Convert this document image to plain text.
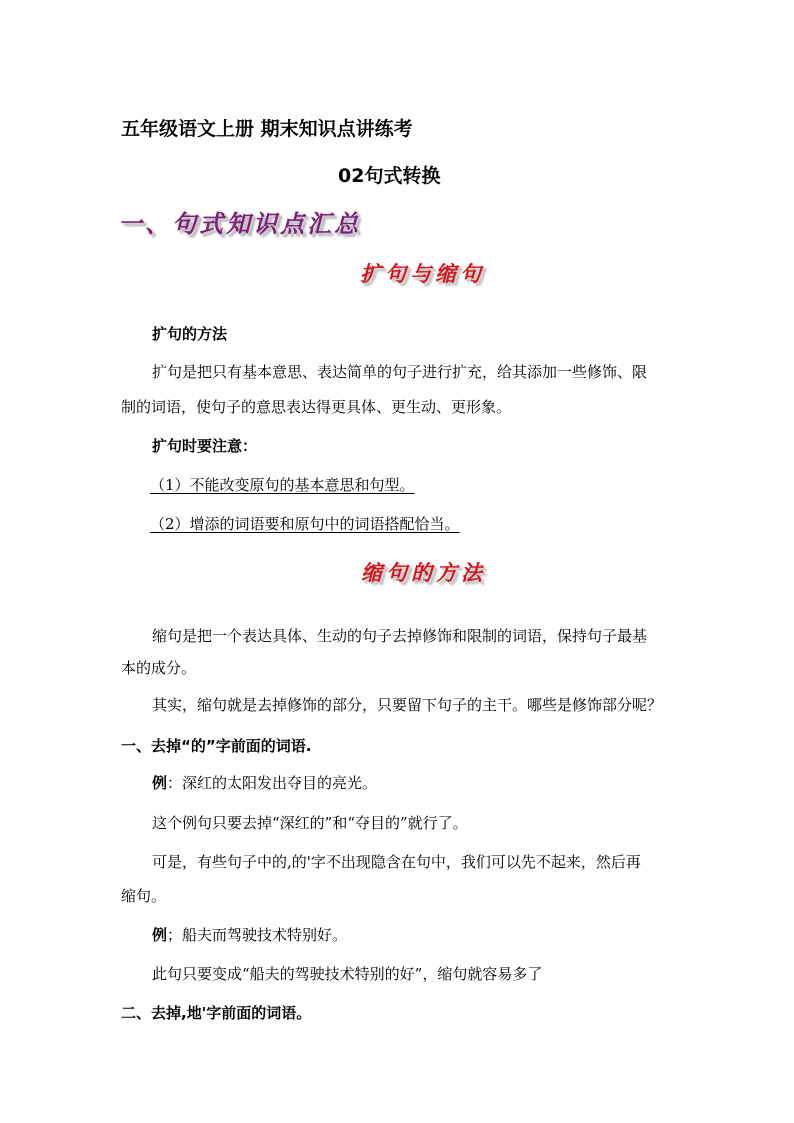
五年级语文上册 期末知识点讲练考
02句式转换
一、句式知识点汇总
扩句与缩句
扩句的方法
扩句是把只有基本意思、表达简单的句子进行扩充，给其添加一些修饰、限
制的词语，使句子的意思表达得更具体、更生动、更形象。
扩句时要注意：
（1）不能改变原句的基本意思和句型。
（2）增添的词语要和原句中的词语搭配恰当。
缩句的方法
缩句是把一个表达具体、生动的句子去掉修饰和限制的词语，保持句子最基
本的成分。
其实，缩句就是去掉修饰的部分，只要留下句子的主干。哪些是修饰部分呢？
一、去掉“的”字前面的词语.
例：深红的太阳发出夺目的亮光。
这个例句只要去掉“深红的”和“夺目的”就行了。
可是，有些句子中的,的'字不出现隐含在句中，我们可以先不起来，然后再
缩句。
例；船夫而驾驶技术特别好。
此句只要变成“船夫的驾驶技术特别的好”，缩句就容易多了
二、去掉,地'字前面的词语。
